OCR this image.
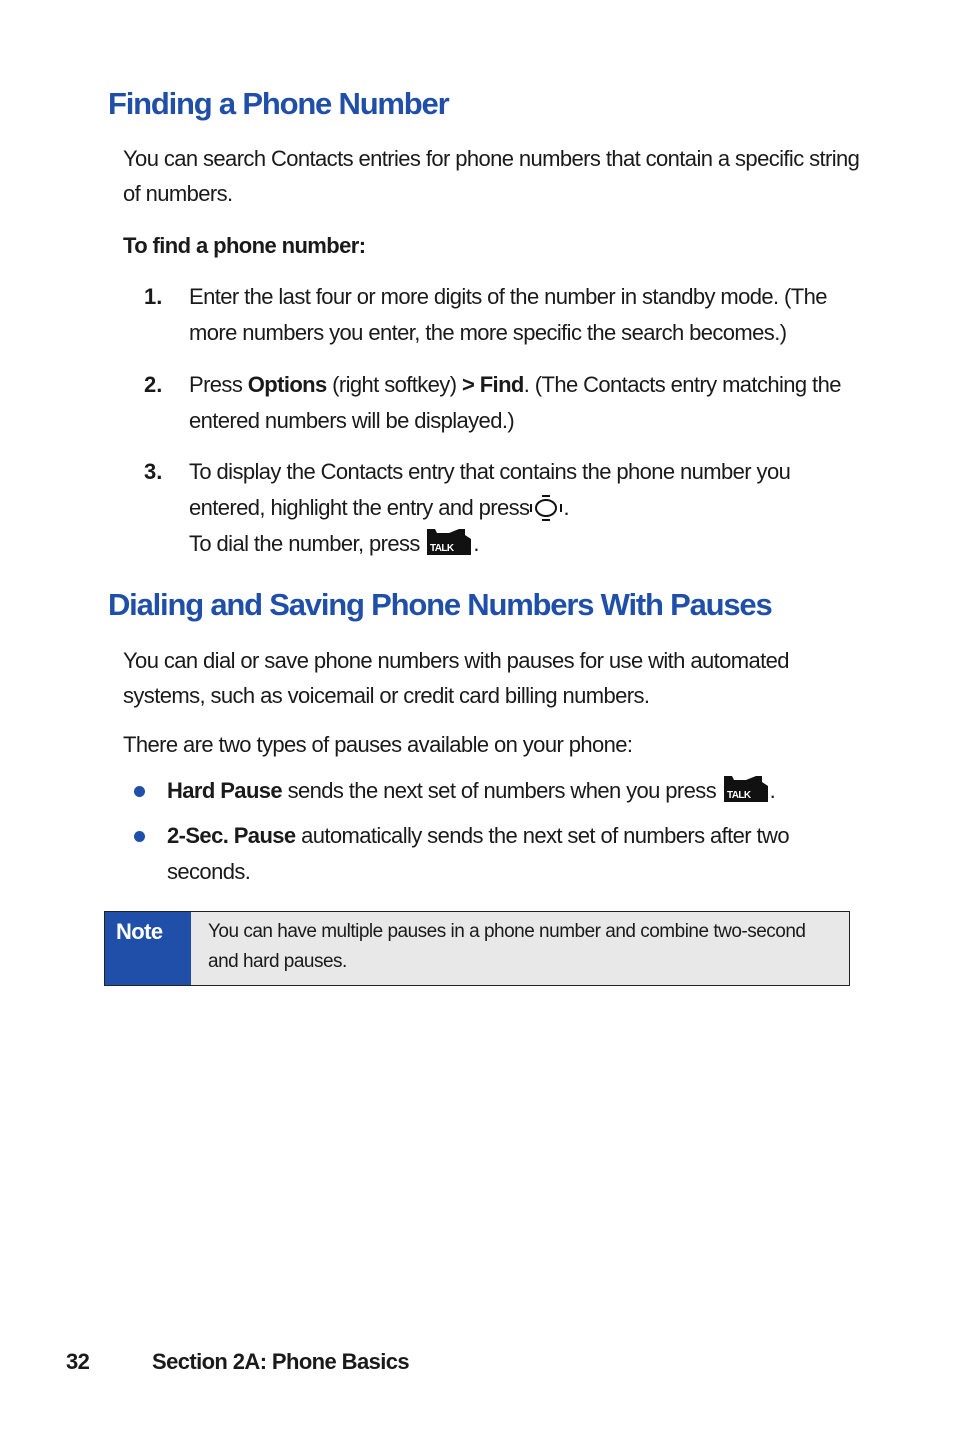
Finding a Phone Number

You can search Contacts entries for phone numbers that contain a specific string of numbers.

To find a phone number:

1. Enter the last four or more digits of the number in standby mode. (The more numbers you enter, the more specific the search becomes.)
2. Press Options (right softkey) > Find. (The Contacts entry matching the entered numbers will be displayed.)
3. To display the Contacts entry that contains the phone number you entered, highlight the entry and press .
To dial the number, press TALK .
Dialing and Saving Phone Numbers With Pauses

You can dial or save phone numbers with pauses for use with automated systems, such as voicemail or credit card billing numbers.

There are two types of pauses available on your phone:

Hard Pause sends the next set of numbers when you press TALK .
2-Sec. Pause automatically sends the next set of numbers after two seconds.
Note You can have multiple pauses in a phone number and combine two-second and hard pauses.
32	Section 2A: Phone Basics
